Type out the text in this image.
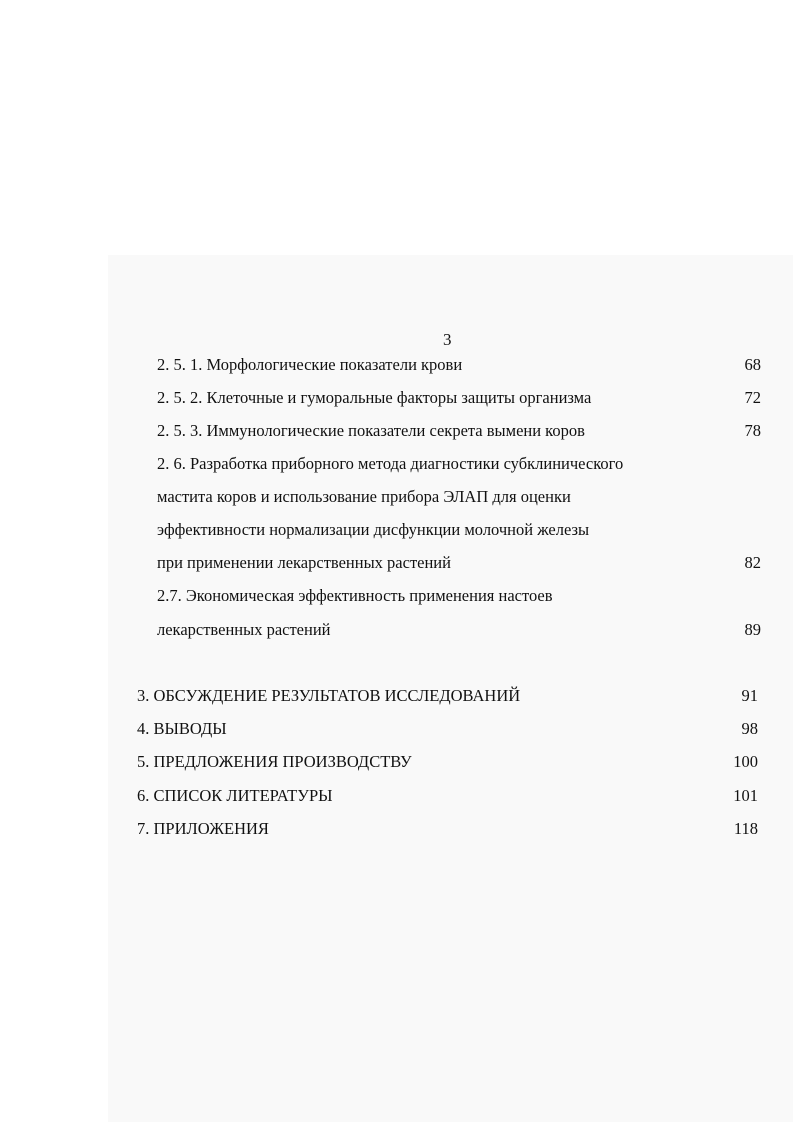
3
2. 5. 1. Морфологические показатели крови	68
2. 5. 2. Клеточные и гуморальные факторы защиты организма	72
2. 5. 3. Иммунологические показатели секрета вымени коров	78
2. 6. Разработка приборного метода диагностики субклинического
мастита коров и использование прибора ЭЛАП для оценки
эффективности нормализации дисфункции молочной железы
при применении лекарственных растений	82
2.7. Экономическая эффективность применения настоев
лекарственных растений	89
3. ОБСУЖДЕНИЕ РЕЗУЛЬТАТОВ ИССЛЕДОВАНИЙ	91
4. ВЫВОДЫ	98
5. ПРЕДЛОЖЕНИЯ ПРОИЗВОДСТВУ	100
6. СПИСОК ЛИТЕРАТУРЫ	101
7. ПРИЛОЖЕНИЯ	118
